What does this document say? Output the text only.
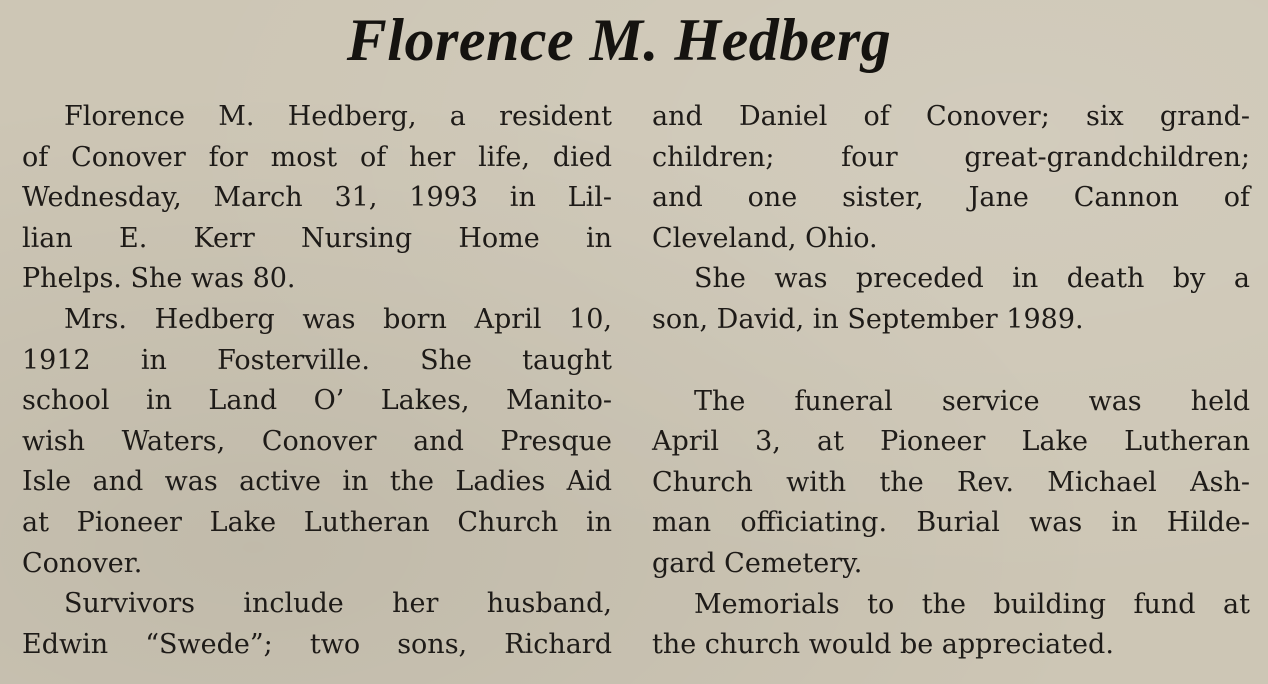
Florence M. Hedberg
Florence M. Hedberg, a resident
of Conover for most of her life, died
Wednesday, March 31, 1993 in Lil-
lian E. Kerr Nursing Home in
Phelps. She was 80.
Mrs. Hedberg was born April 10,
1912 in Fosterville. She taught
school in Land O’ Lakes, Manito-
wish Waters, Conover and Presque
Isle and was active in the Ladies Aid
at Pioneer Lake Lutheran Church in
Conover.
Survivors include her husband,
Edwin “Swede”; two sons, Richard
and Daniel of Conover; six grand-
children; four great-grandchildren;
and one sister, Jane Cannon of
Cleveland, Ohio.
She was preceded in death by a
son, David, in September 1989.
The funeral service was held
April 3, at Pioneer Lake Lutheran
Church with the Rev. Michael Ash-
man officiating. Burial was in Hilde-
gard Cemetery.
Memorials to the building fund at
the church would be appreciated.
